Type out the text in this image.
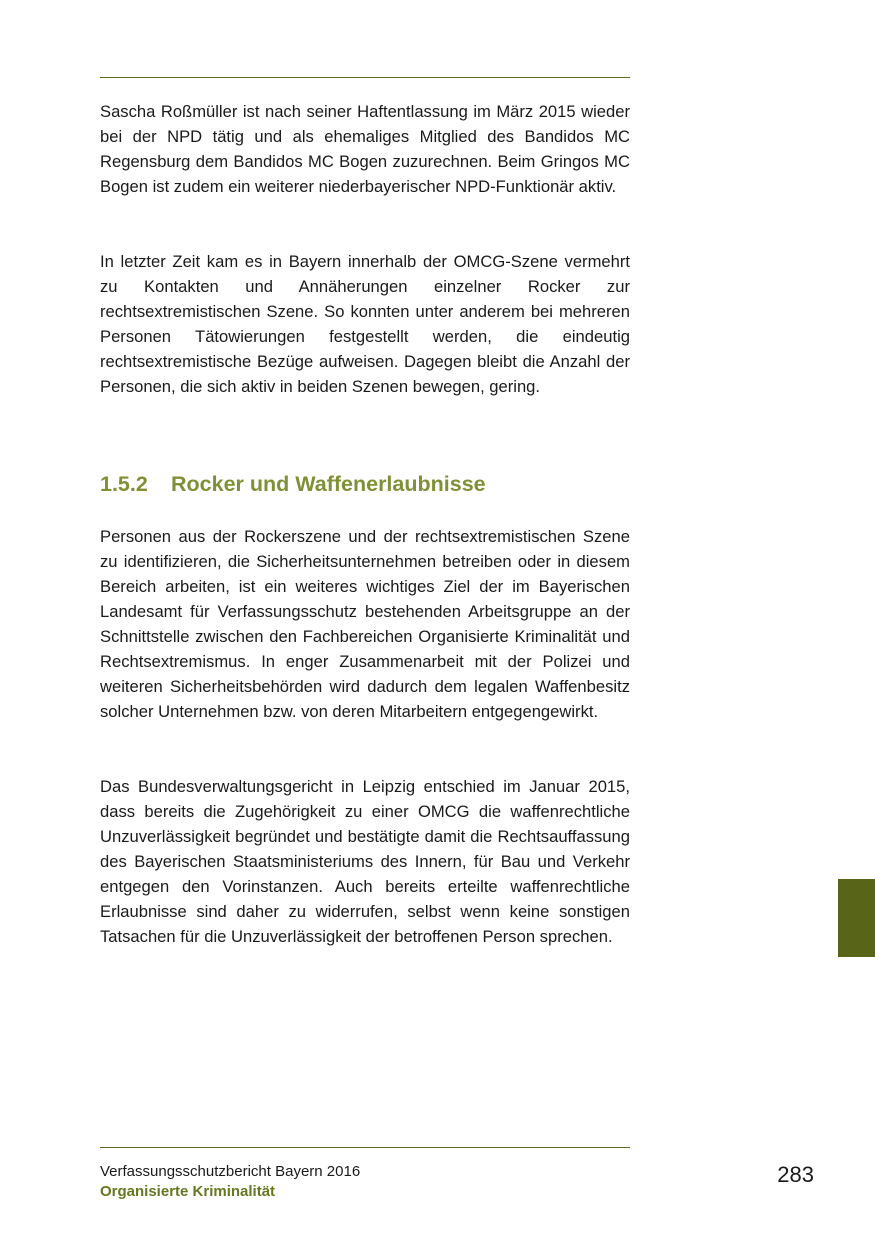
Sascha Roßmüller ist nach seiner Haftentlassung im März 2015 wieder bei der NPD tätig und als ehemaliges Mitglied des Bandidos MC Regensburg dem Bandidos MC Bogen zuzurechnen. Beim Gringos MC Bogen ist zudem ein weiterer niederbayerischer NPD-Funktionär aktiv.

In letzter Zeit kam es in Bayern innerhalb der OMCG-Szene vermehrt zu Kontakten und Annäherungen einzelner Rocker zur rechtsextremistischen Szene. So konnten unter anderem bei mehreren Personen Tätowierungen festgestellt werden, die eindeutig rechtsextremistische Bezüge aufweisen. Dagegen bleibt die Anzahl der Personen, die sich aktiv in beiden Szenen bewegen, gering.

1.5.2 Rocker und Waffenerlaubnisse

Personen aus der Rockerszene und der rechtsextremistischen Szene zu identifizieren, die Sicherheitsunternehmen betreiben oder in diesem Bereich arbeiten, ist ein weiteres wichtiges Ziel der im Bayerischen Landesamt für Verfassungsschutz bestehenden Arbeitsgruppe an der Schnittstelle zwischen den Fachbereichen Organisierte Kriminalität und Rechtsextremismus. In enger Zusammenarbeit mit der Polizei und weiteren Sicherheitsbehörden wird dadurch dem legalen Waffenbesitz solcher Unternehmen bzw. von deren Mitarbeitern entgegengewirkt.

Das Bundesverwaltungsgericht in Leipzig entschied im Januar 2015, dass bereits die Zugehörigkeit zu einer OMCG die waffenrechtliche Unzuverlässigkeit begründet und bestätigte damit die Rechtsauffassung des Bayerischen Staatsministeriums des Innern, für Bau und Verkehr entgegen den Vorinstanzen. Auch bereits erteilte waffenrechtliche Erlaubnisse sind daher zu widerrufen, selbst wenn keine sonstigen Tatsachen für die Unzuverlässigkeit der betroffenen Person sprechen.

Verfassungsschutzbericht Bayern 2016

Organisierte Kriminalität

283
